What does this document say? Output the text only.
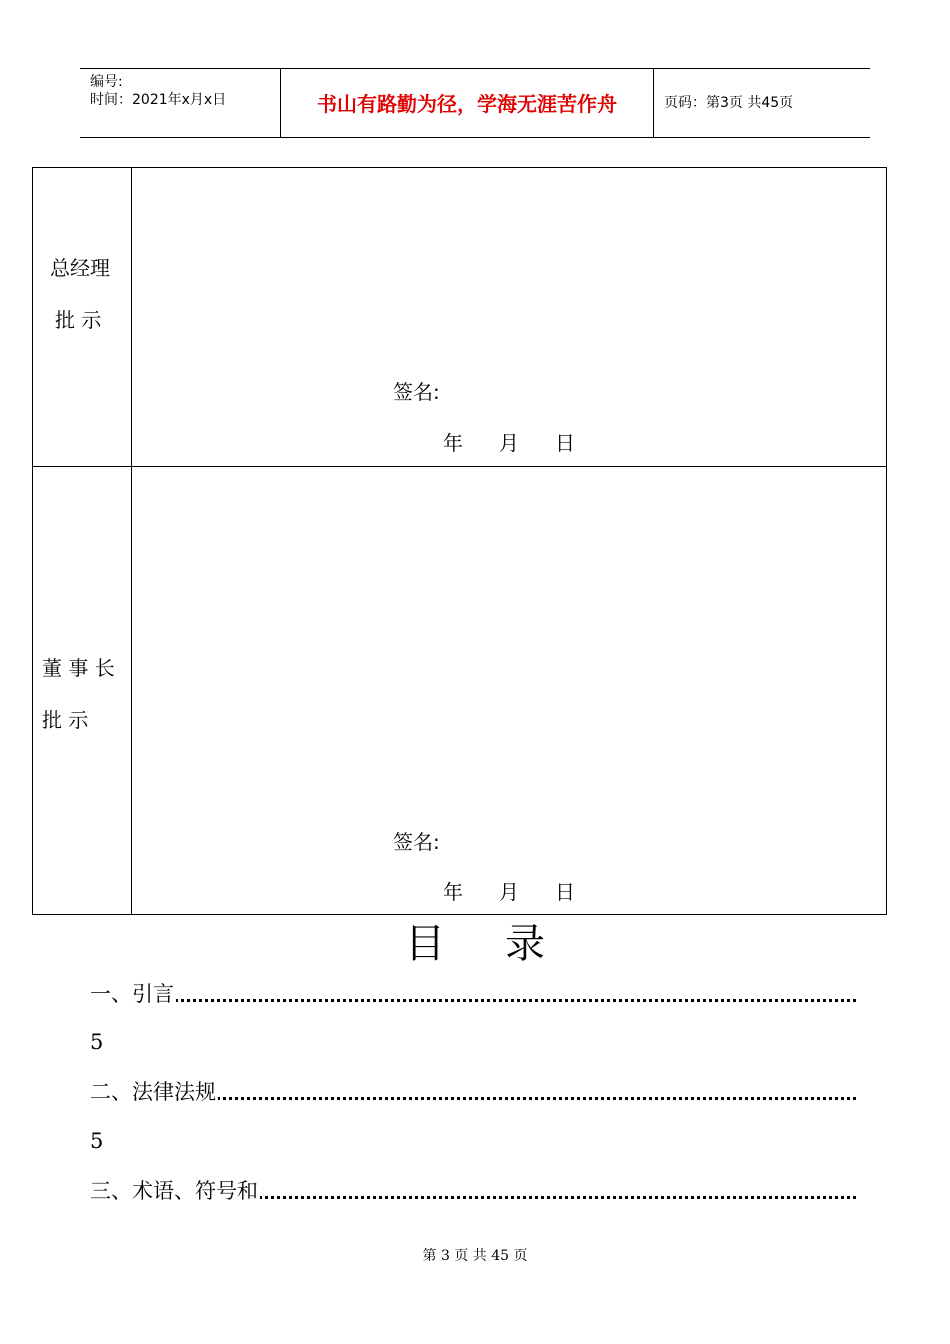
编号:
时间：2021年x月x日	书山有路勤为径，学海无涯苦作舟	页码：第3页 共45页
总经理
批 示
签名:
年 月 日
董 事 长
批 示
签名:
年 月 日
目 录
一、引言
5
二、法律法规
5
三、术语、符号和
第 3 页 共 45 页
